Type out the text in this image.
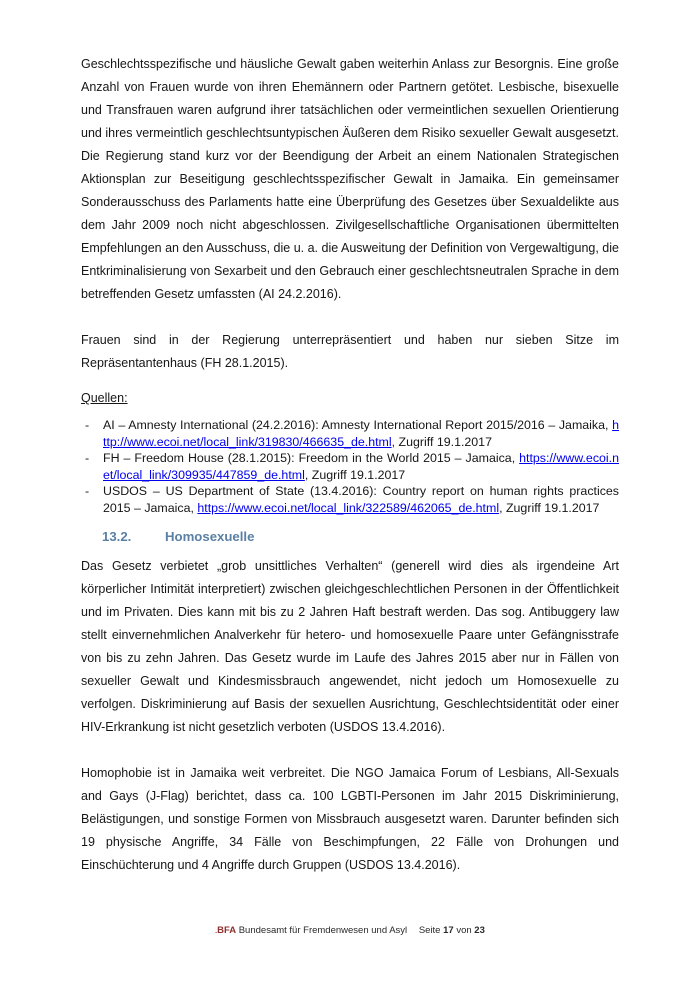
Geschlechtsspezifische und häusliche Gewalt gaben weiterhin Anlass zur Besorgnis. Eine große Anzahl von Frauen wurde von ihren Ehemännern oder Partnern getötet. Lesbische, bisexuelle und Transfrauen waren aufgrund ihrer tatsächlichen oder vermeintlichen sexuellen Orientierung und ihres vermeintlich geschlechtsuntypischen Äußeren dem Risiko sexueller Gewalt ausgesetzt. Die Regierung stand kurz vor der Beendigung der Arbeit an einem Nationalen Strategischen Aktionsplan zur Beseitigung geschlechtsspezifischer Gewalt in Jamaika. Ein gemeinsamer Sonderausschuss des Parlaments hatte eine Überprüfung des Gesetzes über Sexualdelikte aus dem Jahr 2009 noch nicht abgeschlossen. Zivilgesellschaftliche Organisationen übermittelten Empfehlungen an den Ausschuss, die u. a. die Ausweitung der Definition von Vergewaltigung, die Entkriminalisierung von Sexarbeit und den Gebrauch einer geschlechtsneutralen Sprache in dem betreffenden Gesetz umfassten (AI 24.2.2016).
Frauen sind in der Regierung unterrepräsentiert und haben nur sieben Sitze im Repräsentantenhaus (FH 28.1.2015).
Quellen:
- AI – Amnesty International (24.2.2016): Amnesty International Report 2015/2016 – Jamaika, http://www.ecoi.net/local_link/319830/466635_de.html, Zugriff 19.1.2017
- FH – Freedom House (28.1.2015): Freedom in the World 2015 – Jamaica, https://www.ecoi.net/local_link/309935/447859_de.html, Zugriff 19.1.2017
- USDOS – US Department of State (13.4.2016): Country report on human rights practices 2015 – Jamaica, https://www.ecoi.net/local_link/322589/462065_de.html, Zugriff 19.1.2017
13.2.	Homosexuelle
Das Gesetz verbietet „grob unsittliches Verhalten“ (generell wird dies als irgendeine Art körperlicher Intimität interpretiert) zwischen gleichgeschlechtlichen Personen in der Öffentlichkeit und im Privaten. Dies kann mit bis zu 2 Jahren Haft bestraft werden. Das sog. Antibuggery law stellt einvernehmlichen Analverkehr für hetero- und homosexuelle Paare unter Gefängnisstrafe von bis zu zehn Jahren. Das Gesetz wurde im Laufe des Jahres 2015 aber nur in Fällen von sexueller Gewalt und Kindesmissbrauch angewendet, nicht jedoch um Homosexuelle zu verfolgen. Diskriminierung auf Basis der sexuellen Ausrichtung, Geschlechtsidentität oder einer HIV-Erkrankung ist nicht gesetzlich verboten (USDOS 13.4.2016).
Homophobie ist in Jamaika weit verbreitet. Die NGO Jamaica Forum of Lesbians, All-Sexuals and Gays (J-Flag) berichtet, dass ca. 100 LGBTI-Personen im Jahr 2015 Diskriminierung, Belästigungen, und sonstige Formen von Missbrauch ausgesetzt waren. Darunter befinden sich 19 physische Angriffe, 34 Fälle von Beschimpfungen, 22 Fälle von Drohungen und Einschüchterung und 4 Angriffe durch Gruppen (USDOS 13.4.2016).
.BFA Bundesamt für Fremdenwesen und Asyl Seite 17 von 23
